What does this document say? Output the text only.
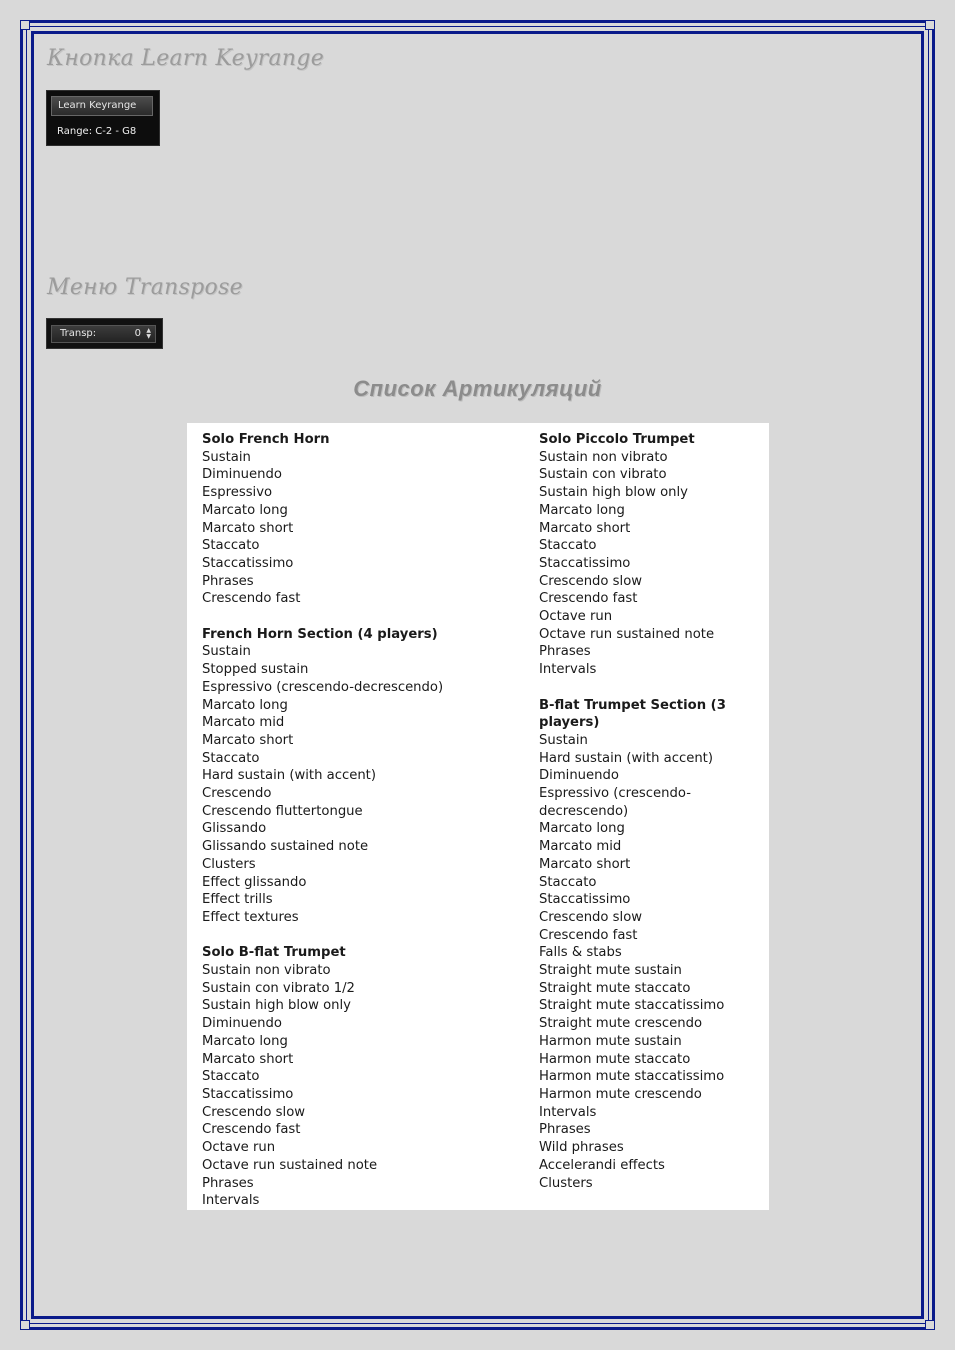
Кнопка Learn Keyrange
Learn Keyrange
Range: C-2 - G8
Меню Transpose
Transp:	0 ▲
▼
Список Артикуляций
Solo French Horn
Sustain
Diminuendo
Espressivo
Marcato long
Marcato short
Staccato
Staccatissimo
Phrases
Crescendo fast
French Horn Section (4 players)
Sustain
Stopped sustain
Espressivo (crescendo-decrescendo)
Marcato long
Marcato mid
Marcato short
Staccato
Hard sustain (with accent)
Crescendo
Crescendo fluttertongue
Glissando
Glissando sustained note
Clusters
Effect glissando
Effect trills
Effect textures
Solo B-flat Trumpet
Sustain non vibrato
Sustain con vibrato 1/2
Sustain high blow only
Diminuendo
Marcato long
Marcato short
Staccato
Staccatissimo
Crescendo slow
Crescendo fast
Octave run
Octave run sustained note
Phrases
Intervals
Solo Piccolo Trumpet
Sustain non vibrato
Sustain con vibrato
Sustain high blow only
Marcato long
Marcato short
Staccato
Staccatissimo
Crescendo slow
Crescendo fast
Octave run
Octave run sustained note
Phrases
Intervals
B-flat Trumpet Section (3 players)
Sustain
Hard sustain (with accent)
Diminuendo
Espressivo (crescendo-
decrescendo)
Marcato long
Marcato mid
Marcato short
Staccato
Staccatissimo
Crescendo slow
Crescendo fast
Falls & stabs
Straight mute sustain
Straight mute staccato
Straight mute staccatissimo
Straight mute crescendo
Harmon mute sustain
Harmon mute staccato
Harmon mute staccatissimo
Harmon mute crescendo
Intervals
Phrases
Wild phrases
Accelerandi effects
Clusters
